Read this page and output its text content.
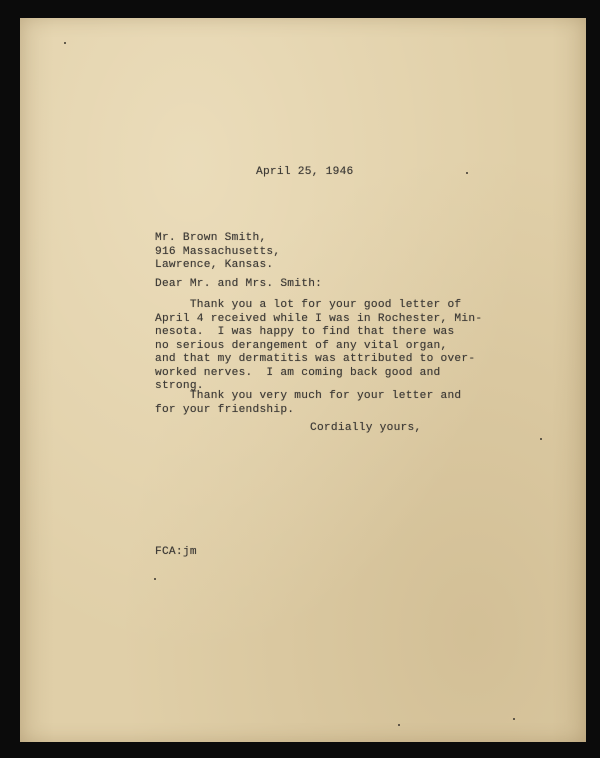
April 25, 1946
Mr. Brown Smith,
916 Massachusetts,
Lawrence, Kansas.
Dear Mr. and Mrs. Smith:
Thank you a lot for your good letter of
April 4 received while I was in Rochester, Min-
nesota.  I was happy to find that there was
no serious derangement of any vital organ,
and that my dermatitis was attributed to over-
worked nerves.  I am coming back good and
strong.
Thank you very much for your letter and
for your friendship.
Cordially yours,
FCA:jm
